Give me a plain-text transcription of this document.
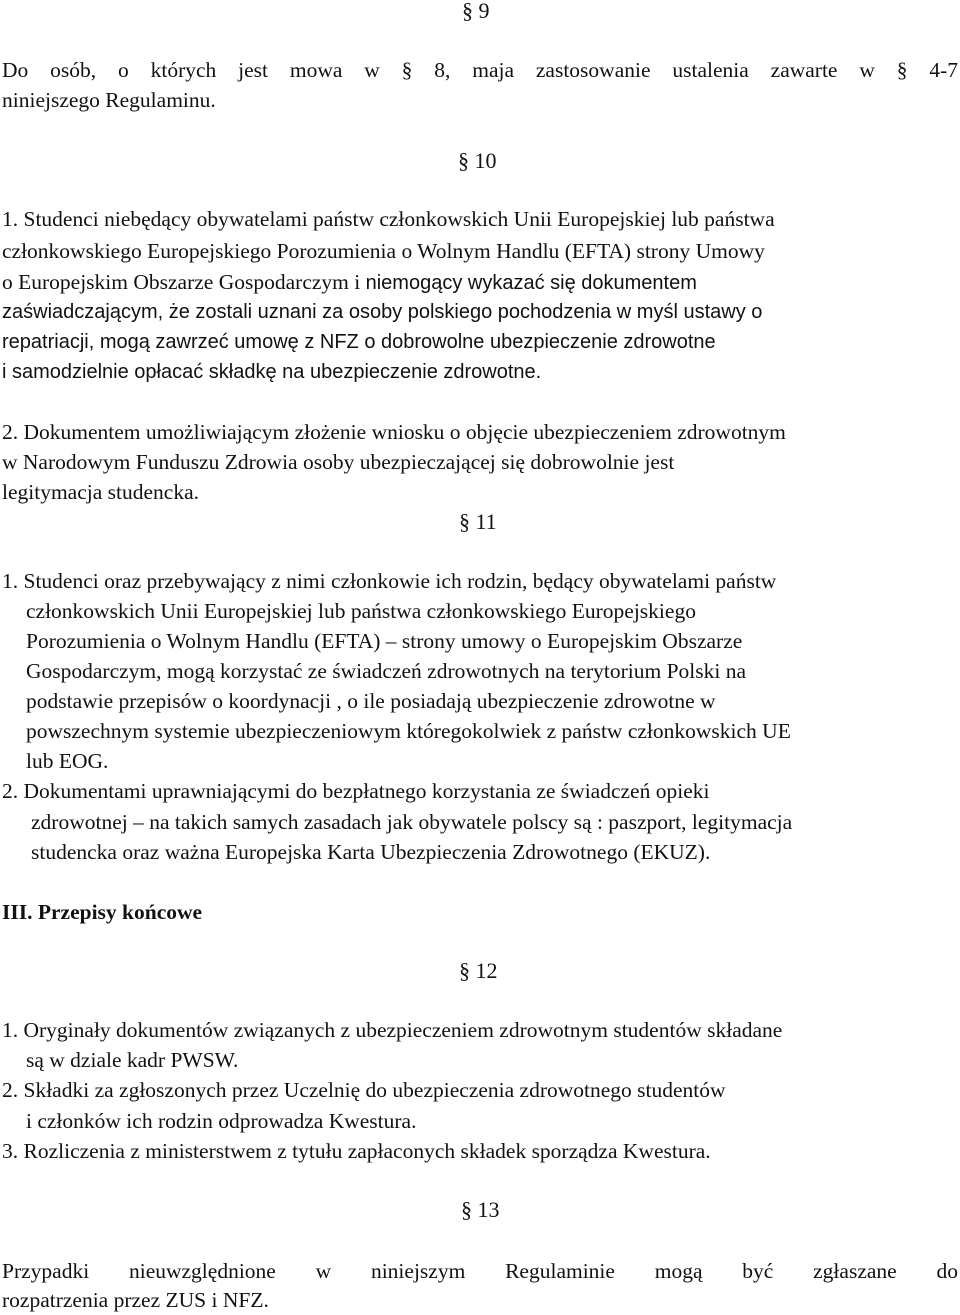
§ 9
Do osób, o których jest mowa w § 8, maja zastosowanie ustalenia zawarte w § 4-7
niniejszego Regulaminu.
§ 10
1. Studenci niebędący obywatelami państw członkowskich Unii Europejskiej lub państwa
członkowskiego Europejskiego Porozumienia o Wolnym Handlu (EFTA) strony Umowy
o Europejskim Obszarze Gospodarczym i niemogący wykazać się dokumentem
zaświadczającym, że zostali uznani za osoby polskiego pochodzenia w myśl ustawy o
repatriacji, mogą zawrzeć umowę z NFZ o dobrowolne ubezpieczenie zdrowotne
i samodzielnie opłacać składkę na ubezpieczenie zdrowotne.
2. Dokumentem umożliwiającym złożenie wniosku o objęcie ubezpieczeniem zdrowotnym
w Narodowym Funduszu Zdrowia osoby ubezpieczającej się dobrowolnie jest
legitymacja studencka.
§ 11
1. Studenci oraz przebywający z nimi członkowie ich rodzin, będący obywatelami państw
członkowskich Unii Europejskiej lub państwa członkowskiego Europejskiego
Porozumienia o Wolnym Handlu (EFTA) – strony umowy o Europejskim Obszarze
Gospodarczym, mogą korzystać ze świadczeń zdrowotnych na terytorium Polski na
podstawie przepisów o koordynacji , o ile posiadają ubezpieczenie zdrowotne w
powszechnym systemie ubezpieczeniowym któregokolwiek z państw członkowskich UE
lub EOG.
2. Dokumentami uprawniającymi do bezpłatnego korzystania ze świadczeń opieki
zdrowotnej – na takich samych zasadach jak obywatele polscy są : paszport, legitymacja
studencka oraz ważna Europejska Karta Ubezpieczenia Zdrowotnego (EKUZ).
III. Przepisy końcowe
§ 12
1. Oryginały dokumentów związanych z ubezpieczeniem zdrowotnym studentów składane
są w dziale kadr PWSW.
2. Składki za zgłoszonych przez Uczelnię do ubezpieczenia zdrowotnego studentów
i członków ich rodzin odprowadza Kwestura.
3. Rozliczenia z ministerstwem z tytułu zapłaconych składek sporządza Kwestura.
§ 13
Przypadki nieuwzględnione w niniejszym Regulaminie mogą być zgłaszane do
rozpatrzenia przez ZUS i NFZ.
